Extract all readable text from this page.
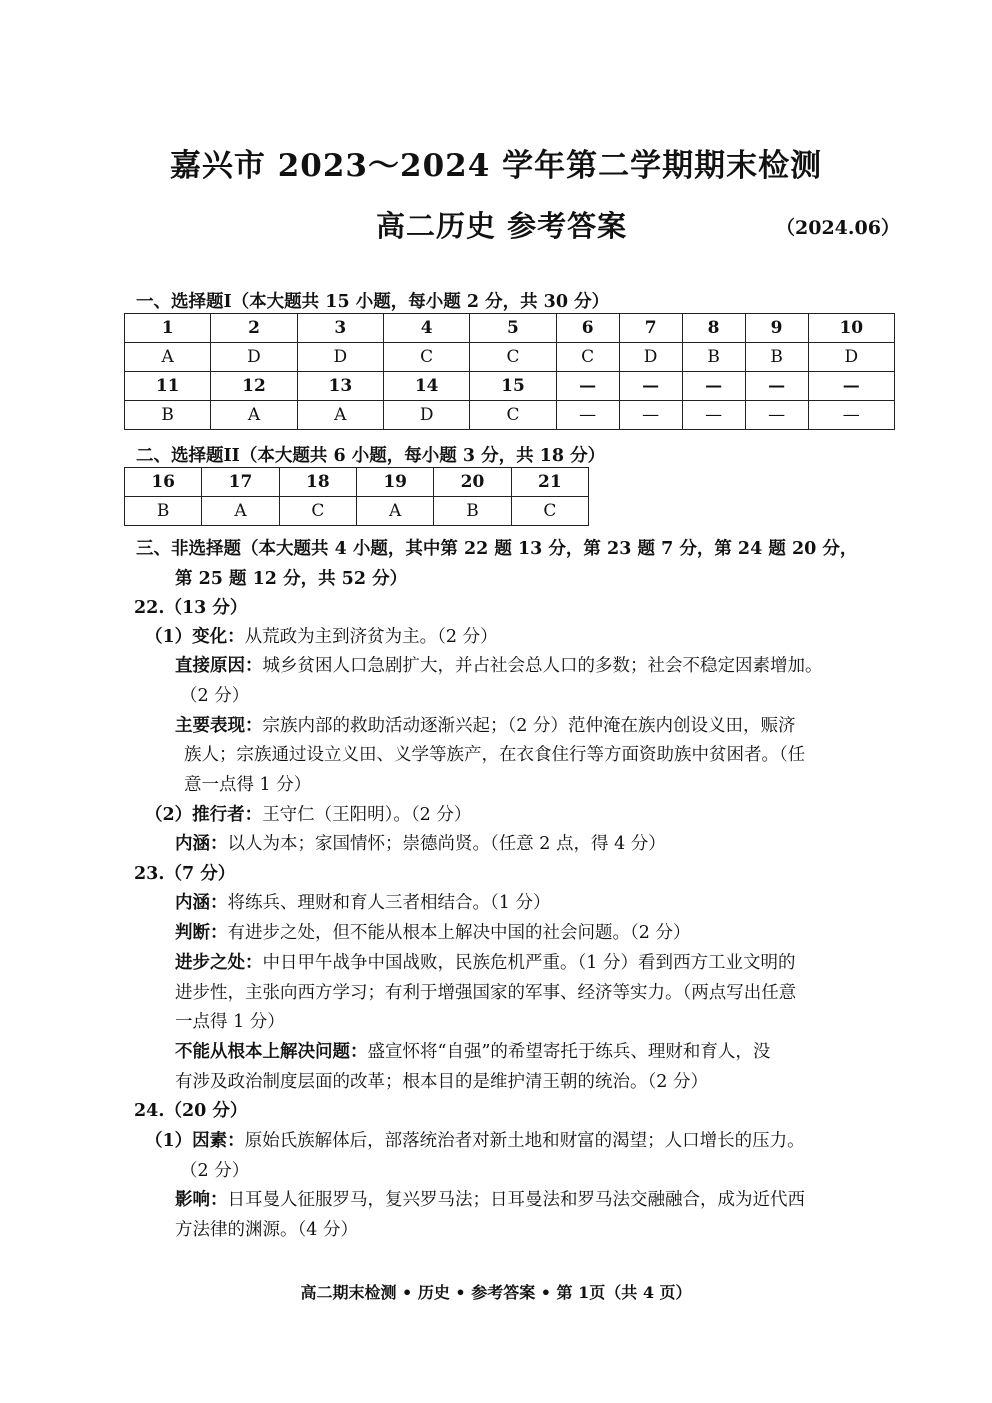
嘉兴市 2023～2024 学年第二学期期末检测
高二历史 参考答案	（2024.06）
一、选择题I（本大题共 15 小题，每小题 2 分，共 30 分）
1	2	3	4	5	6	7	8	9	10
A	D	D	C	C	C	D	B	B	D
11	12	13	14	15	—	—	—	—	—
B	A	A	D	C	—	—	—	—	—
二、选择题II（本大题共 6 小题，每小题 3 分，共 18 分）
16	17	18	19	20	21
B	A	C	A	B	C
三、非选择题（本大题共 4 小题，其中第 22 题 13 分，第 23 题 7 分，第 24 题 20 分，
第 25 题 12 分，共 52 分）
22.（13 分）
（1）变化：从荒政为主到济贫为主。（2 分）
直接原因：城乡贫困人口急剧扩大，并占社会总人口的多数；社会不稳定因素增加。
（2 分）
主要表现：宗族内部的救助活动逐渐兴起；（2 分）范仲淹在族内创设义田，赈济
族人；宗族通过设立义田、义学等族产，在衣食住行等方面资助族中贫困者。（任
意一点得 1 分）
（2）推行者：王守仁（王阳明）。（2 分）
内涵：以人为本；家国情怀；崇德尚贤。（任意 2 点，得 4 分）
23.（7 分）
内涵：将练兵、理财和育人三者相结合。（1 分）
判断：有进步之处，但不能从根本上解决中国的社会问题。（2 分）
进步之处：中日甲午战争中国战败，民族危机严重。（1 分）看到西方工业文明的
进步性，主张向西方学习；有利于增强国家的军事、经济等实力。（两点写出任意
一点得 1 分）
不能从根本上解决问题：盛宣怀将“自强”的希望寄托于练兵、理财和育人，没
有涉及政治制度层面的改革；根本目的是维护清王朝的统治。（2 分）
24.（20 分）
（1）因素：原始氏族解体后，部落统治者对新土地和财富的渴望；人口增长的压力。
（2 分）
影响：日耳曼人征服罗马，复兴罗马法；日耳曼法和罗马法交融融合，成为近代西
方法律的渊源。（4 分）
高二期末检测 • 历史 • 参考答案 • 第 1页（共 4 页）
